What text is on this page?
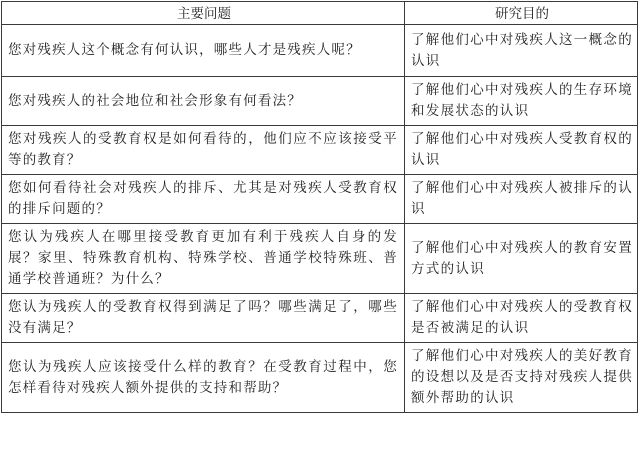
主要问题	研究目的
您对残疾人这个概念有何认识，哪些人才是残疾人呢？	了解他们心中对残疾人这一概念的认识
您对残疾人的社会地位和社会形象有何看法？	了解他们心中对残疾人的生存环境和发展状态的认识
您对残疾人的受教育权是如何看待的，他们应不应该接受平等的教育？	了解他们心中对残疾人受教育权的认识
您如何看待社会对残疾人的排斥、尤其是对残疾人受教育权的排斥问题的？	了解他们心中对残疾人被排斥的认识
您认为残疾人在哪里接受教育更加有利于残疾人自身的发展？家里、特殊教育机构、特殊学校、普通学校特殊班、普通学校普通班？为什么？	了解他们心中对残疾人的教育安置方式的认识
您认为残疾人的受教育权得到满足了吗？哪些满足了，哪些没有满足？	了解他们心中对残疾人的受教育权是否被满足的认识
您认为残疾人应该接受什么样的教育？在受教育过程中，您怎样看待对残疾人额外提供的支持和帮助？	了解他们心中对残疾人的美好教育的设想以及是否支持对残疾人提供额外帮助的认识
